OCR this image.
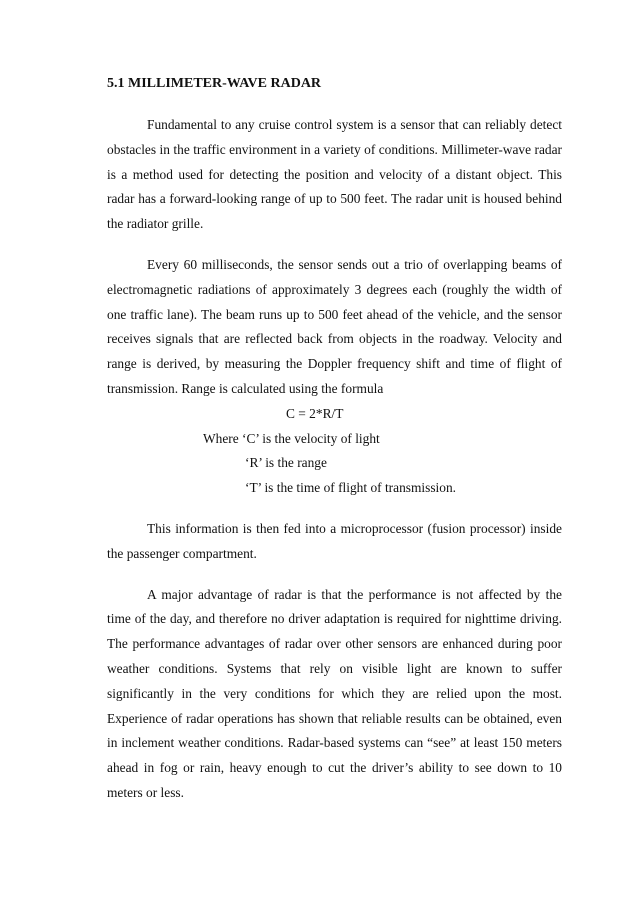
5.1 MILLIMETER-WAVE RADAR

Fundamental to any cruise control system is a sensor that can reliably detect obstacles in the traffic environment in a variety of conditions. Millimeter-wave radar is a method used for detecting the position and velocity of a distant object. This radar has a forward-looking range of up to 500 feet. The radar unit is housed behind the radiator grille.

Every 60 milliseconds, the sensor sends out a trio of overlapping beams of electromagnetic radiations of approximately 3 degrees each (roughly the width of one traffic lane). The beam runs up to 500 feet ahead of the vehicle, and the sensor receives signals that are reflected back from objects in the roadway. Velocity and range is derived, by measuring the Doppler frequency shift and time of flight of transmission. Range is calculated using the formula

C = 2*R/T
Where ‘C’ is the velocity of light
‘R’ is the range
‘T’ is the time of flight of transmission.

This information is then fed into a microprocessor (fusion processor) inside the passenger compartment.

A major advantage of radar is that the performance is not affected by the time of the day, and therefore no driver adaptation is required for nighttime driving. The performance advantages of radar over other sensors are enhanced during poor weather conditions. Systems that rely on visible light are known to suffer significantly in the very conditions for which they are relied upon the most. Experience of radar operations has shown that reliable results can be obtained, even in inclement weather conditions. Radar-based systems can “see” at least 150 meters ahead in fog or rain, heavy enough to cut the driver’s ability to see down to 10 meters or less.
